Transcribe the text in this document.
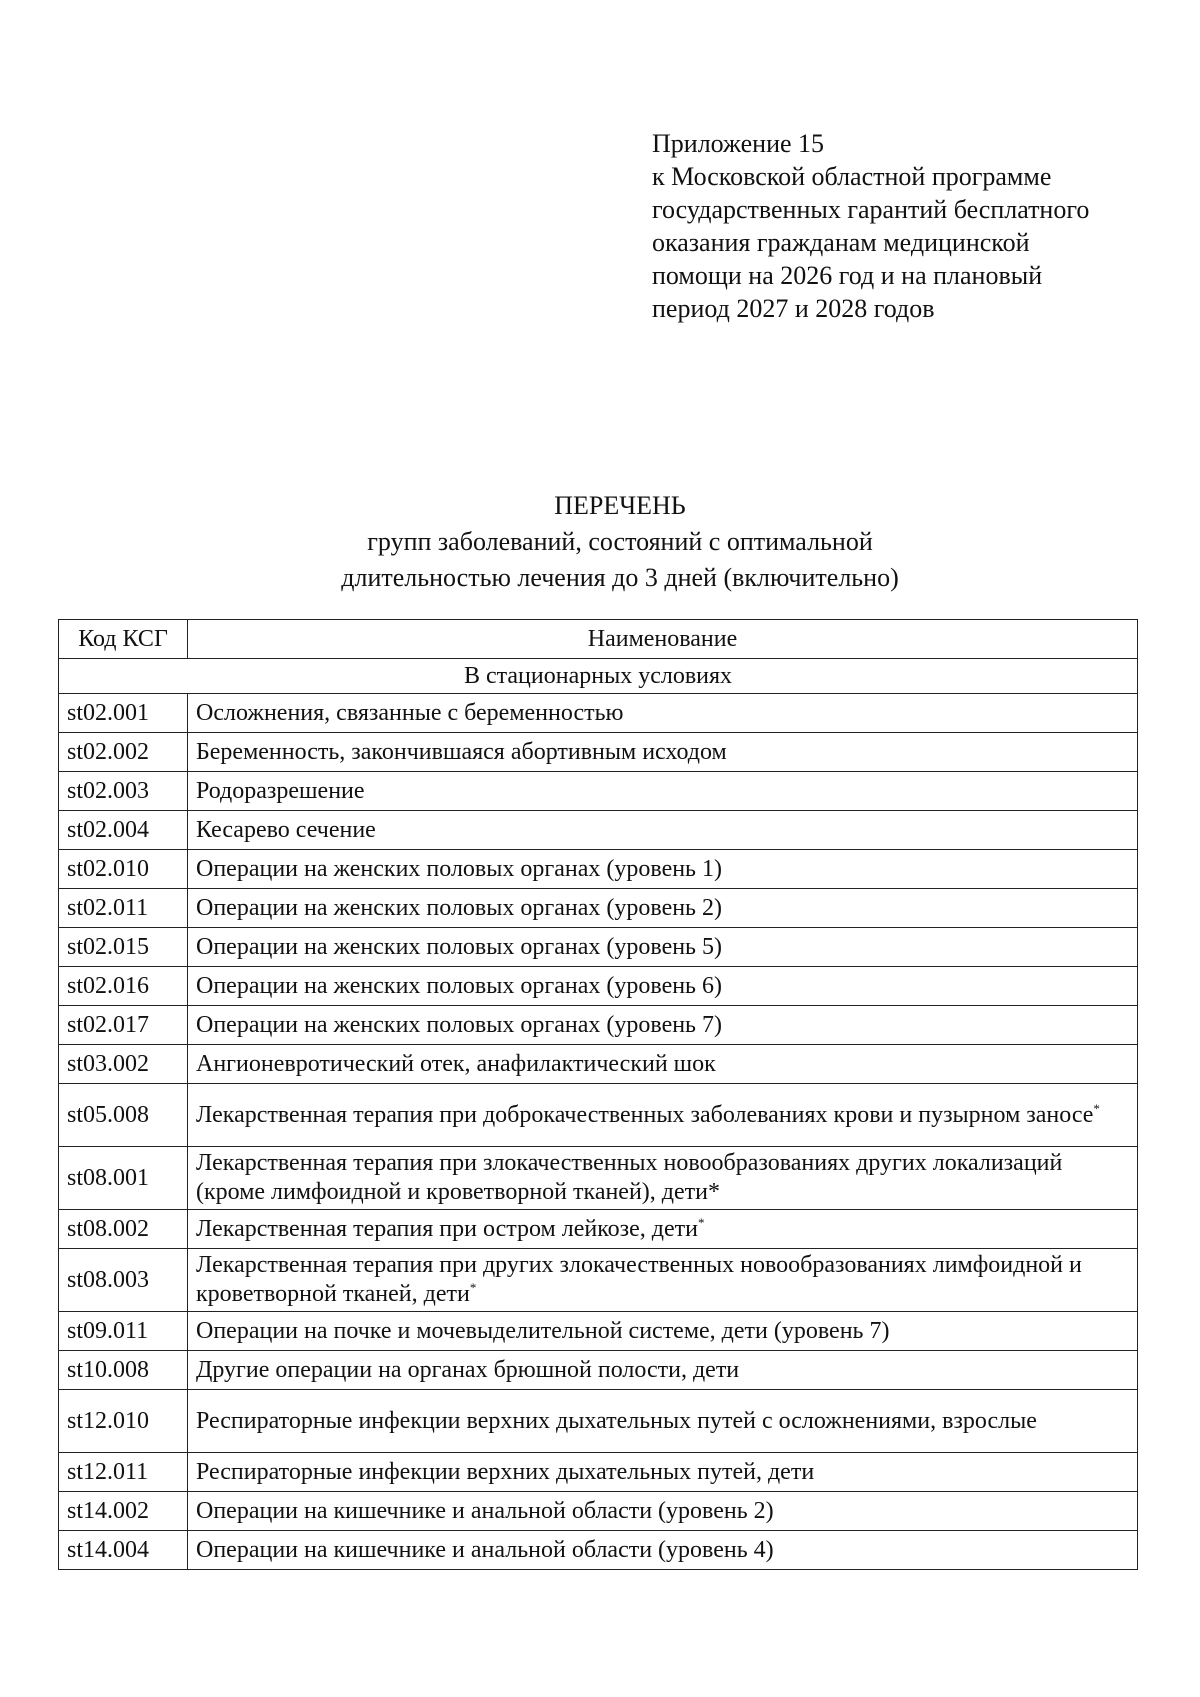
Приложение 15
к Московской областной программе
государственных гарантий бесплатного
оказания гражданам медицинской
помощи на 2026 год и на плановый
период 2027 и 2028 годов
ПЕРЕЧЕНЬ
групп заболеваний, состояний с оптимальной
длительностью лечения до 3 дней (включительно)
Код КСГ	Наименование
В стационарных условиях	
st02.001	Осложнения, связанные с беременностью
st02.002	Беременность, закончившаяся абортивным исходом
st02.003	Родоразрешение
st02.004	Кесарево сечение
st02.010	Операции на женских половых органах (уровень 1)
st02.011	Операции на женских половых органах (уровень 2)
st02.015	Операции на женских половых органах (уровень 5)
st02.016	Операции на женских половых органах (уровень 6)
st02.017	Операции на женских половых органах (уровень 7)
st03.002	Ангионевротический отек, анафилактический шок
st05.008	Лекарственная терапия при доброкачественных заболеваниях крови и пузырном заносе*
st08.001	Лекарственная терапия при злокачественных новообразованиях других локализаций (кроме лимфоидной и кроветворной тканей), дети*
st08.002	Лекарственная терапия при остром лейкозе, дети*
st08.003	Лекарственная терапия при других злокачественных новообразованиях лимфоидной и кроветворной тканей, дети*
st09.011	Операции на почке и мочевыделительной системе, дети (уровень 7)
st10.008	Другие операции на органах брюшной полости, дети
st12.010	Респираторные инфекции верхних дыхательных путей с осложнениями, взрослые
st12.011	Респираторные инфекции верхних дыхательных путей, дети
st14.002	Операции на кишечнике и анальной области (уровень 2)
st14.004	Операции на кишечнике и анальной области (уровень 4)
